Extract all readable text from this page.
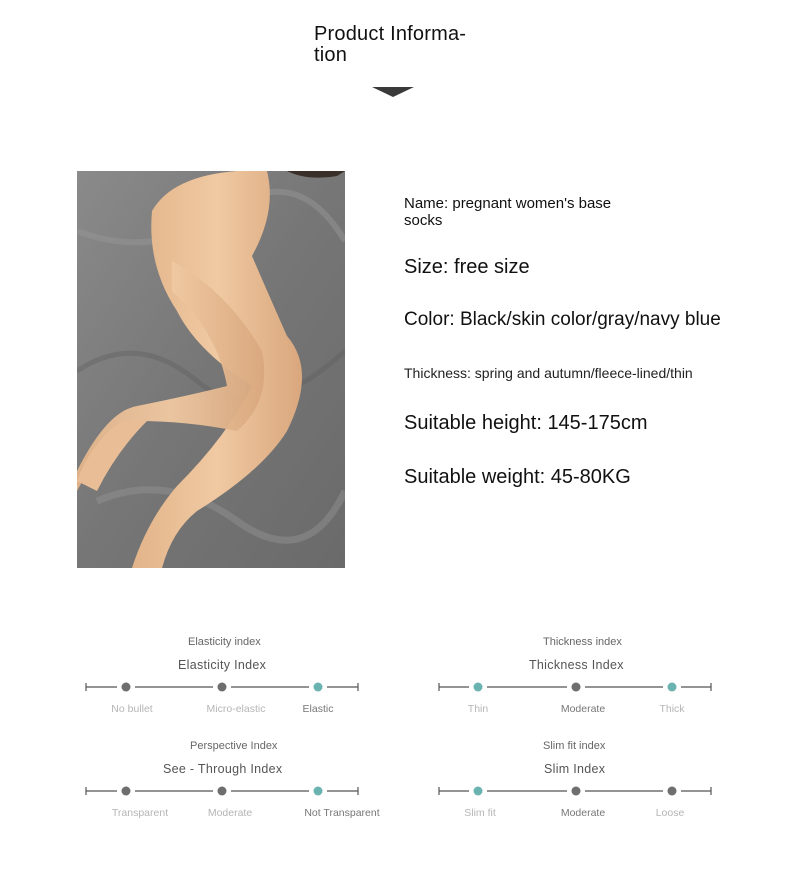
Product Informa-
tion
Name: pregnant women's base socks
Size: free size
Color: Black/skin color/gray/navy blue
Thickness: spring and autumn/fleece-lined/thin
Suitable height: 145-175cm
Suitable weight: 45-80KG
Elasticity index
Elasticity Index
No bullet	Micro-elastic	Elastic
Thickness index
Thickness Index
Thin	Moderate	Thick
Perspective Index
See - Through Index
Transparent	Moderate	Not Transparent
Slim fit index
Slim Index
Slim fit	Moderate	Loose
